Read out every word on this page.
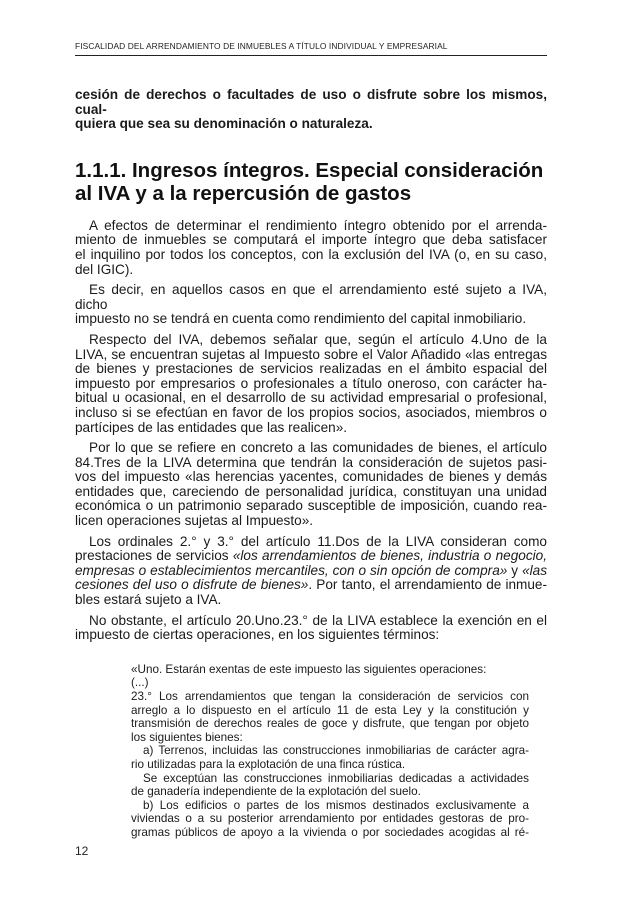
FISCALIDAD DEL ARRENDAMIENTO DE INMUEBLES A TÍTULO INDIVIDUAL Y EMPRESARIAL
cesión de derechos o facultades de uso o disfrute sobre los mismos, cual-
quiera que sea su denominación o naturaleza.
1.1.1. Ingresos íntegros. Especial consideración
al IVA y a la repercusión de gastos
A efectos de determinar el rendimiento íntegro obtenido por el arrenda-
miento de inmuebles se computará el importe íntegro que deba satisfacer
el inquilino por todos los conceptos, con la exclusión del IVA (o, en su caso,
del IGIC).
Es decir, en aquellos casos en que el arrendamiento esté sujeto a IVA, dicho
impuesto no se tendrá en cuenta como rendimiento del capital inmobiliario.
Respecto del IVA, debemos señalar que, según el artículo 4.Uno de la
LIVA, se encuentran sujetas al Impuesto sobre el Valor Añadido «las entregas
de bienes y prestaciones de servicios realizadas en el ámbito espacial del
impuesto por empresarios o profesionales a título oneroso, con carácter ha-
bitual u ocasional, en el desarrollo de su actividad empresarial o profesional,
incluso si se efectúan en favor de los propios socios, asociados, miembros o
partícipes de las entidades que las realicen».
Por lo que se refiere en concreto a las comunidades de bienes, el artículo
84.Tres de la LIVA determina que tendrán la consideración de sujetos pasi-
vos del impuesto «las herencias yacentes, comunidades de bienes y demás
entidades que, careciendo de personalidad jurídica, constituyan una unidad
económica o un patrimonio separado susceptible de imposición, cuando rea-
licen operaciones sujetas al Impuesto».
Los ordinales 2.° y 3.° del artículo 11.Dos de la LIVA consideran como
prestaciones de servicios «los arrendamientos de bienes, industria o negocio,
empresas o establecimientos mercantiles, con o sin opción de compra» y «las
cesiones del uso o disfrute de bienes». Por tanto, el arrendamiento de inmue-
bles estará sujeto a IVA.
No obstante, el artículo 20.Uno.23.° de la LIVA establece la exención en el
impuesto de ciertas operaciones, en los siguientes términos:
«Uno. Estarán exentas de este impuesto las siguientes operaciones:
(...)
23.° Los arrendamientos que tengan la consideración de servicios con
arreglo a lo dispuesto en el artículo 11 de esta Ley y la constitución y
transmisión de derechos reales de goce y disfrute, que tengan por objeto
los siguientes bienes:
a) Terrenos, incluidas las construcciones inmobiliarias de carácter agra-
rio utilizadas para la explotación de una finca rústica.
Se exceptúan las construcciones inmobiliarias dedicadas a actividades
de ganadería independiente de la explotación del suelo.
b) Los edificios o partes de los mismos destinados exclusivamente a
viviendas o a su posterior arrendamiento por entidades gestoras de pro-
gramas públicos de apoyo a la vivienda o por sociedades acogidas al ré-
12
